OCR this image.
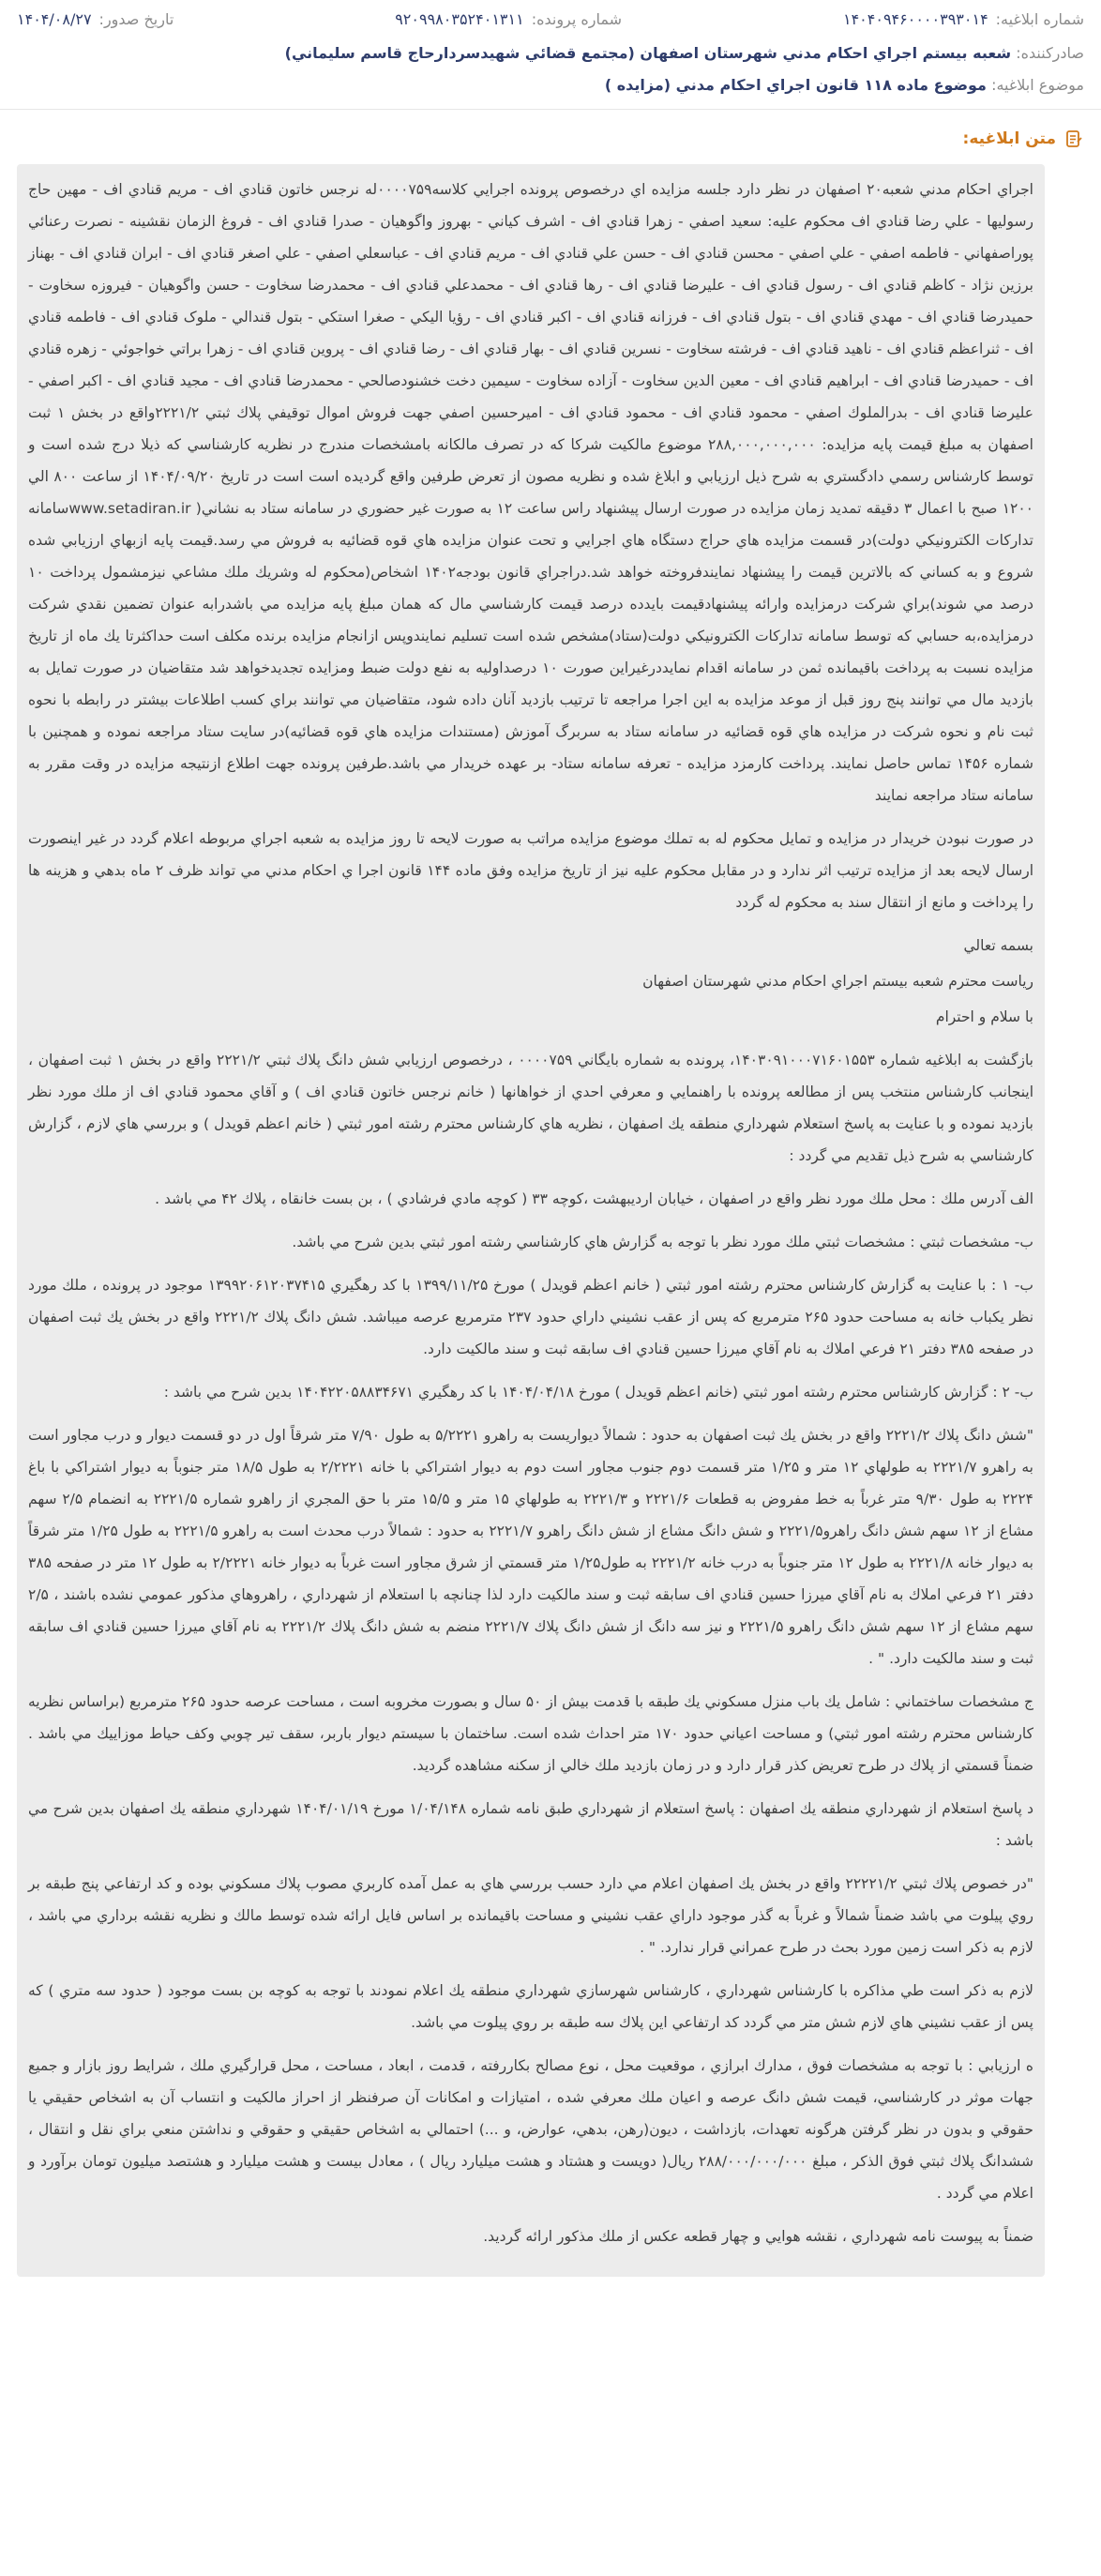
شماره ابلاغيه:
۱۴۰۴۰۹۴۶۰۰۰۰۳۹۳۰۱۴
شماره پرونده:
۹۲۰۹۹۸۰۳۵۲۴۰۱۳۱۱
تاريخ صدور:
۱۴۰۴/۰۸/۲۷
صادرکننده: شعبه بيستم اجراي احكام مدني شهرستان اصفهان (مجتمع قضائي شهيدسردارحاج قاسم سليماني)
موضوع ابلاغيه: موضوع ماده ۱۱۸ قانون اجراي احكام مدني (مزايده )
متن ابلاغيه:

اجراي احكام مدني شعبه۲۰ اصفهان در نظر دارد جلسه مزايده اي درخصوص پرونده اجرايي كلاسه۰۰۰۰۷۵۹له نرجس خاتون قنادي اف - مريم قنادي اف - مهين حاج رسوليها - علي رضا قنادي اف محکوم عليه: سعيد اصفي - زهرا قنادي اف - اشرف کياني - بهروز واگوهيان - صدرا قنادي اف - فروغ الزمان نقشينه - نصرت رعنائي پوراصفهاني - فاطمه اصفي - علي اصفي - محسن قنادي اف - حسن علي قنادي اف - مريم قنادي اف - عباسعلي اصفي - علي اصغر قنادي اف - ابران قنادي اف - بهناز برزين نژاد - کاظم قنادي اف - رسول قنادي اف - عليرضا قنادي اف - رها قنادي اف - محمدعلي قنادي اف - محمدرضا سخاوت - حسن واگوهيان - فيروزه سخاوت - حميدرضا قنادي اف - مهدي قنادي اف - بتول قنادي اف - فرزانه قنادي اف - اكبر قنادي اف - رؤيا اليكي - صغرا استکي - بتول قندالي - ملوک قنادي اف - فاطمه قنادي اف - ثنراعظم قنادي اف - ناهيد قنادي اف - فرشته سخاوت - نسرين قنادي اف - بهار قنادي اف - رضا قنادي اف - پروين قنادي اف - زهرا براتي خواجوئي - زهره قنادي اف - حميدرضا قنادي اف - ابراهيم قنادي اف - معين الدين سخاوت - آزاده سخاوت - سيمين دخت خشنودصالحي - محمدرضا قنادي اف - مجيد قنادي اف - اكبر اصفي - عليرضا قنادي اف - بدرالملوك اصفي - محمود قنادي اف - محمود قنادي اف - اميرحسين اصفي جهت فروش اموال توقيفي پلاك ثبتي ۲۲۲۱/۲واقع در بخش ۱ ثبت اصفهان به مبلغ قيمت پايه مزايده: ۲۸۸,۰۰۰,۰۰۰,۰۰۰ موضوع مالكيت شركا كه در تصرف مالكانه بامشخصات مندرج در نظريه كارشناسي كه ذيلا درج شده است و توسط كارشناس رسمي دادگستري به شرح ذيل ارزيابي و ابلاغ شده و نظريه مصون از تعرض طرفين واقع گرديده است است در تاريخ ۱۴۰۴/۰۹/۲۰ از ساعت ۸۰۰ الي ۱۲۰۰ صبح با اعمال ۳ دقيقه تمديد زمان مزايده در صورت ارسال پيشنهاد راس ساعت ۱۲ به صورت غير حضوري در سامانه ستاد به نشاني( www.setadiran.irسامانه تداركات الكترونيكي دولت)در قسمت مزايده هاي حراج دستگاه هاي اجرايي و تحت عنوان مزايده هاي قوه قضائيه به فروش مي رسد.قيمت پايه ازبهاي ارزيابي شده شروع و به كساني كه بالاترين قيمت را پيشنهاد نمايندفروخته خواهد شد.دراجراي قانون بودجه۱۴۰۲ اشخاص(محکوم له وشريك ملك مشاعي نيزمشمول پرداخت ۱۰ درصد مي شوند)براي شركت درمزايده وارائه پيشنهادقيمت بايدده درصد قيمت كارشناسي مال كه همان مبلغ پايه مزايده مي باشدرابه عنوان تضمين نقدي شركت درمزايده،به حسابي كه توسط سامانه تداركات الكترونيكي دولت(ستاد)مشخص شده است تسليم نمايندوپس ازانجام مزايده برنده مكلف است حداكثرتا يك ماه از تاريخ مزايده نسبت به پرداخت باقيمانده ثمن در سامانه اقدام نمايددرغيراين صورت ۱۰ درصداوليه به نفع دولت ضبط ومزايده تجديدخواهد شد متقاضيان در صورت تمايل به بازديد مال مي توانند پنج روز قبل از موعد مزايده به اين اجرا مراجعه تا ترتيب بازديد آنان داده شود، متقاضيان مي توانند براي كسب اطلاعات بيشتر در رابطه با نحوه ثبت نام و نحوه شركت در مزايده هاي قوه قضائيه در سامانه ستاد به سربرگ آموزش (مستندات مزايده هاي قوه قضائيه)در سايت ستاد مراجعه نموده و همچنين با شماره ۱۴۵۶ تماس حاصل نمايند. پرداخت كارمزد مزايده - تعرفه سامانه ستاد- بر عهده خريدار مي باشد.طرفين پرونده جهت اطلاع ازنتيجه مزايده در وقت مقرر به سامانه ستاد مراجعه نمايند

در صورت نبودن خريدار در مزايده و تمايل محكوم له به تملك موضوع مزايده مراتب به صورت لايحه تا روز مزايده به شعبه اجراي مربوطه اعلام گردد در غير اينصورت ارسال لايحه بعد از مزايده ترتيب اثر ندارد و در مقابل محكوم عليه نيز از تاريخ مزايده وفق ماده ۱۴۴ قانون اجرا ي احكام مدني مي تواند ظرف ۲ ماه بدهي و هزينه ها را پرداخت و مانع از انتقال سند به محكوم له گردد

بسمه تعالي

رياست محترم شعبه بيستم اجراي احكام مدني شهرستان اصفهان

با سلام و احترام

بازگشت به ابلاغيه شماره ۱۴۰۳۰۹۱۰۰۰۷۱۶۰۱۵۵۳، پرونده به شماره بايگاني ۰۰۰۰۷۵۹ ، درخصوص ارزيابي شش دانگ پلاك ثبتي ۲۲۲۱/۲ واقع در بخش ۱ ثبت اصفهان ، اينجانب كارشناس منتخب پس از مطالعه پرونده با راهنمايي و معرفي احدي از خواهانها ( خانم نرجس خاتون قنادي اف ) و آقاي محمود قنادي اف از ملك مورد نظر بازديد نموده و با عنايت به پاسخ استعلام شهرداري منطقه يك اصفهان ، نظريه هاي كارشناس محترم رشته امور ثبتي ( خانم اعظم قويدل ) و بررسي هاي لازم ، گزارش كارشناسي به شرح ذيل تقديم مي گردد :

الف آدرس ملك : محل ملك مورد نظر واقع در اصفهان ، خيابان ارديبهشت ،كوچه ۳۳ ( كوچه مادي فرشادي ) ، بن بست خانقاه ، پلاك ۴۲ مي باشد .

ب- مشخصات ثبتي : مشخصات ثبتي ملك مورد نظر با توجه به گزارش هاي كارشناسي رشته امور ثبتي بدين شرح مي باشد.

ب- ۱ : با عنايت به گزارش كارشناس محترم رشته امور ثبتي ( خانم اعظم قويدل ) مورخ ۱۳۹۹/۱۱/۲۵ با كد رهگيري ۱۳۹۹۲۰۶۱۲۰۳۷۴۱۵ موجود در پرونده ، ملك مورد نظر يكباب خانه به مساحت حدود ۲۶۵ مترمربع كه پس از عقب نشيني داراي حدود ۲۳۷ مترمربع عرصه ميباشد. شش دانگ پلاك ۲۲۲۱/۲ واقع در بخش يك ثبت اصفهان در صفحه ۳۸۵ دفتر ۲۱ فرعي املاك به نام آقاي ميرزا حسين قنادي اف سابقه ثبت و سند مالكيت دارد.

ب- ۲ : گزارش كارشناس محترم رشته امور ثبتي (خانم اعظم قويدل ) مورخ ۱۴۰۴/۰۴/۱۸ با كد رهگيري ۱۴۰۴۲۲۰۵۸۸۳۴۶۷۱ بدين شرح مي باشد :

"شش دانگ پلاك ۲۲۲۱/۲ واقع در بخش يك ثبت اصفهان به حدود : شمالاً ديواريست به راهرو ۵/۲۲۲۱ به طول ۷/۹۰ متر شرقاً اول در دو قسمت ديوار و درب مجاور است به راهرو ۲۲۲۱/۷ به طولهاي ۱۲ متر و ۱/۲۵ متر قسمت دوم جنوب مجاور است دوم به ديوار اشتراكي با خانه ۲/۲۲۲۱ به طول ۱۸/۵ متر جنوباً به ديوار اشتراكي با باغ ۲۲۲۴ به طول ۹/۳۰ متر غرباً به خط مفروض به قطعات ۲۲۲۱/۶ و ۲۲۲۱/۳ به طولهاي ۱۵ متر و ۱۵/۵ متر با حق المجري از راهرو شماره ۲۲۲۱/۵ به انضمام ۲/۵ سهم مشاع از ۱۲ سهم شش دانگ راهرو۲۲۲۱/۵ و شش دانگ مشاع از شش دانگ راهرو ۲۲۲۱/۷ به حدود : شمالاً درب محدث است به راهرو ۲۲۲۱/۵ به طول ۱/۲۵ متر شرقاً به ديوار خانه ۲۲۲۱/۸ به طول ۱۲ متر جنوباً به درب خانه ۲۲۲۱/۲ به طول۱/۲۵ متر قسمتي از شرق مجاور است غرباً به ديوار خانه ۲/۲۲۲۱ به طول ۱۲ متر در صفحه ۳۸۵ دفتر ۲۱ فرعي املاك به نام آقاي ميرزا حسين قنادي اف سابقه ثبت و سند مالكيت دارد لذا چنانچه با استعلام از شهرداري ، راهروهاي مذكور عمومي نشده باشند ، ۲/۵ سهم مشاع از ۱۲ سهم شش دانگ راهرو ۲۲۲۱/۵ و نيز سه دانگ از شش دانگ پلاك ۲۲۲۱/۷ منضم به شش دانگ پلاك ۲۲۲۱/۲ به نام آقاي ميرزا حسين قنادي اف سابقه ثبت و سند مالكيت دارد. " .

ج مشخصات ساختماني : شامل يك باب منزل مسكوني يك طبقه با قدمت بيش از ۵۰ سال و بصورت مخروبه است ، مساحت عرصه حدود ۲۶۵ مترمربع (براساس نظريه كارشناس محترم رشته امور ثبتي) و مساحت اعياني حدود ۱۷۰ متر احداث شده است. ساختمان با سيستم ديوار باربر، سقف تير چوبي وكف حياط موزاييك مي باشد . ضمناً قسمتي از پلاك در طرح تعريض كذر قرار دارد و در زمان بازديد ملك خالي از سكنه مشاهده گرديد.

د پاسخ استعلام از شهرداري منطقه يك اصفهان : پاسخ استعلام از شهرداري طبق نامه شماره ۱/۰۴/۱۴۸ مورخ ۱۴۰۴/۰۱/۱۹ شهرداري منطقه يك اصفهان بدين شرح مي باشد :

"در خصوص پلاك ثبتي ۲۲۲۲۱/۲ واقع در بخش يك اصفهان اعلام مي دارد حسب بررسي هاي به عمل آمده كاربري مصوب پلاك مسكوني بوده و كد ارتفاعي پنج طبقه بر روي پيلوت مي باشد ضمناً شمالاً و غرباً به گذر موجود داراي عقب نشيني و مساحت باقيمانده بر اساس فايل ارائه شده توسط مالك و نظريه نقشه برداري مي باشد ، لازم به ذكر است زمين مورد بحث در طرح عمراني قرار ندارد. " .

لازم به ذكر است طي مذاكره با كارشناس شهرداري ، كارشناس شهرسازي شهرداري منطقه يك اعلام نمودند با توجه به كوچه بن بست موجود ( حدود سه متري ) كه پس از عقب نشيني هاي لازم شش متر مي گردد كد ارتفاعي اين پلاك سه طبقه بر روي پيلوت مي باشد.

ه ارزيابي : با توجه به مشخصات فوق ، مدارك ابرازي ، موقعيت محل ، نوع مصالح بكاررفته ، قدمت ، ابعاد ، مساحت ، محل قرارگيري ملك ، شرايط روز بازار و جميع جهات موثر در كارشناسي، قيمت شش دانگ عرصه و اعيان ملك معرفي شده ، امتيازات و امكانات آن صرفنظر از احراز مالكيت و انتساب آن به اشخاص حقيقي يا حقوقي و بدون در نظر گرفتن هرگونه تعهدات، بازداشت ، ديون(رهن، بدهي، عوارض، و ...) احتمالي به اشخاص حقيقي و حقوقي و نداشتن منعي براي نقل و انتقال ، ششدانگ پلاك ثبتي فوق الذكر ، مبلغ ۲۸۸/۰۰۰/۰۰۰/۰۰۰ ريال( دويست و هشتاد و هشت ميليارد ريال ) ، معادل بيست و هشت ميليارد و هشتصد ميليون تومان برآورد و اعلام مي گردد .

ضمناً به پيوست نامه شهرداري ، نقشه هوايي و چهار قطعه عكس از ملك مذكور ارائه گرديد.
